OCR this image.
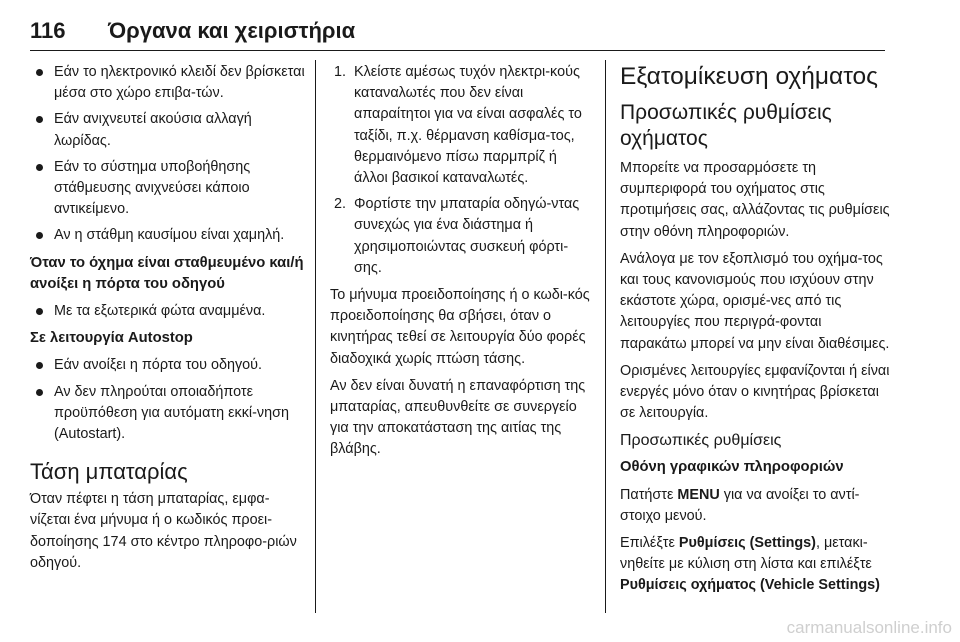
116 Όργανα και χειριστήρια
Εάν το ηλεκτρονικό κλειδί δεν βρίσκεται μέσα στο χώρο επιβα-τών.
Εάν ανιχνευτεί ακούσια αλλαγή λωρίδας.
Εάν το σύστημα υποβοήθησης στάθμευσης ανιχνεύσει κάποιο αντικείμενο.
Αν η στάθμη καυσίμου είναι χαμηλή.
Όταν το όχημα είναι σταθμευμένο και/ή ανοίξει η πόρτα του οδηγού
Με τα εξωτερικά φώτα αναμμένα.
Σε λειτουργία Autostop
Εάν ανοίξει η πόρτα του οδηγού.
Αν δεν πληρούται οποιαδήποτε προϋπόθεση για αυτόματη εκκί-νηση (Autostart).
Τάση μπαταρίας

Όταν πέφτει η τάση μπαταρίας, εμφα-νίζεται ένα μήνυμα ή ο κωδικός προει-δοποίησης 174 στο κέντρο πληροφο-ριών οδηγού.

1. Κλείστε αμέσως τυχόν ηλεκτρι-κούς καταναλωτές που δεν είναι απαραίτητοι για να είναι ασφαλές το ταξίδι, π.χ. θέρμανση καθίσμα-τος, θερμαινόμενο πίσω παρμπρίζ ή άλλοι βασικοί καταναλωτές.
2. Φορτίστε την μπαταρία οδηγώ-ντας συνεχώς για ένα διάστημα ή χρησιμοποιώντας συσκευή φόρτι-σης.

Το μήνυμα προειδοποίησης ή ο κωδι-κός προειδοποίησης θα σβήσει, όταν ο κινητήρας τεθεί σε λειτουργία δύο φορές διαδοχικά χωρίς πτώση τάσης.

Αν δεν είναι δυνατή η επαναφόρτιση της μπαταρίας, απευθυνθείτε σε συνεργείο για την αποκατάσταση της αιτίας της βλάβης.

Εξατομίκευση οχήματος
Προσωπικές ρυθμίσεις οχήματος

Μπορείτε να προσαρμόσετε τη συμπεριφορά του οχήματος στις προτιμήσεις σας, αλλάζοντας τις ρυθμίσεις στην οθόνη πληροφοριών.

Ανάλογα με τον εξοπλισμό του οχήμα-τος και τους κανονισμούς που ισχύουν στην εκάστοτε χώρα, ορισμέ-νες από τις λειτουργίες που περιγρά-φονται παρακάτω μπορεί να μην είναι διαθέσιμες.

Ορισμένες λειτουργίες εμφανίζονται ή είναι ενεργές μόνο όταν ο κινητήρας βρίσκεται σε λειτουργία.

Προσωπικές ρυθμίσεις
Οθόνη γραφικών πληροφοριών

Πατήστε MENU για να ανοίξει το αντί-στοιχο μενού.

Επιλέξτε Ρυθμίσεις (Settings), μετακι-νηθείτε με κύλιση στη λίστα και επιλέξτε Ρυθμίσεις οχήματος (Vehicle Settings)

carmanualsonline.info
